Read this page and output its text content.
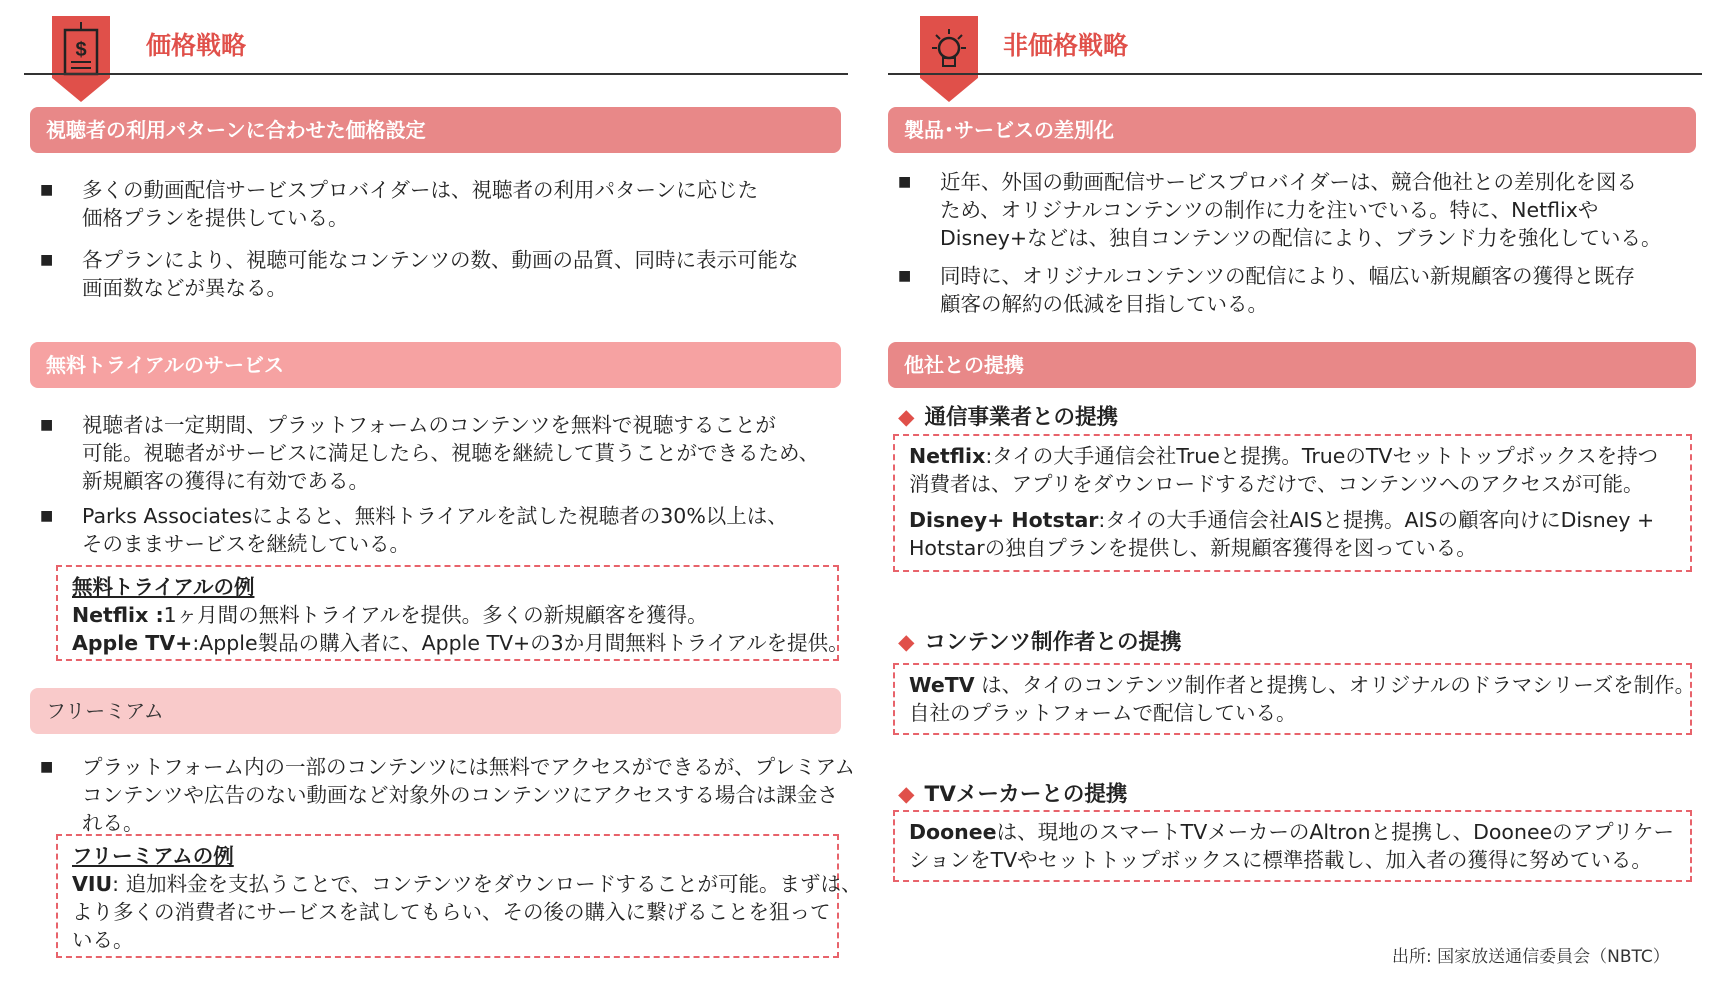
$ 価格戦略	非価格戦略
視聴者の利用パターンに合わせた価格設定
■ 多くの動画配信サービスプロバイダーは、視聴者の利用パターンに応じた
価格プランを提供している。
■ 各プランにより、視聴可能なコンテンツの数、動画の品質、同時に表示可能な
画面数などが異なる。
無料トライアルのサービス
■ 視聴者は一定期間、プラットフォームのコンテンツを無料で視聴することが
可能。視聴者がサービスに満足したら、視聴を継続して貰うことができるため、
新規顧客の獲得に有効である。
■ Parks Associatesによると、無料トライアルを試した視聴者の30%以上は、
そのままサービスを継続している。
無料トライアルの例
Netflix :1ヶ月間の無料トライアルを提供。多くの新規顧客を獲得。
Apple TV+:Apple製品の購入者に、Apple TV+の3か月間無料トライアルを提供。
フリーミアム
■ プラットフォーム内の一部のコンテンツには無料でアクセスができるが、プレミアム
コンテンツや広告のない動画など対象外のコンテンツにアクセスする場合は課金さ
れる。
フリーミアムの例
VIU: 追加料金を支払うことで、コンテンツをダウンロードすることが可能。まずは、
より多くの消費者にサービスを試してもらい、その後の購入に繋げることを狙って
いる。
製品･サービスの差別化
■ 近年、外国の動画配信サービスプロバイダーは、競合他社との差別化を図る
ため、オリジナルコンテンツの制作に力を注いでいる。特に、Netflixや
Disney+などは、独自コンテンツの配信により、ブランド力を強化している。
■ 同時に、オリジナルコンテンツの配信により、幅広い新規顧客の獲得と既存
顧客の解約の低減を目指している。
他社との提携
◆ 通信事業者との提携
Netflix:タイの大手通信会社Trueと提携。TrueのTVセットトップボックスを持つ
消費者は、アプリをダウンロードするだけで、コンテンツへのアクセスが可能。
Disney+ Hotstar:タイの大手通信会社AISと提携。AISの顧客向けにDisney +
Hotstarの独自プランを提供し、新規顧客獲得を図っている。
◆ コンテンツ制作者との提携
WeTV は、タイのコンテンツ制作者と提携し、オリジナルのドラマシリーズを制作。
自社のプラットフォームで配信している。
◆ TVメーカーとの提携
Dooneeは、現地のスマートTVメーカーのAltronと提携し、Dooneeのアプリケー
ションをTVやセットトップボックスに標準搭載し、加入者の獲得に努めている。
出所: 国家放送通信委員会（NBTC）
